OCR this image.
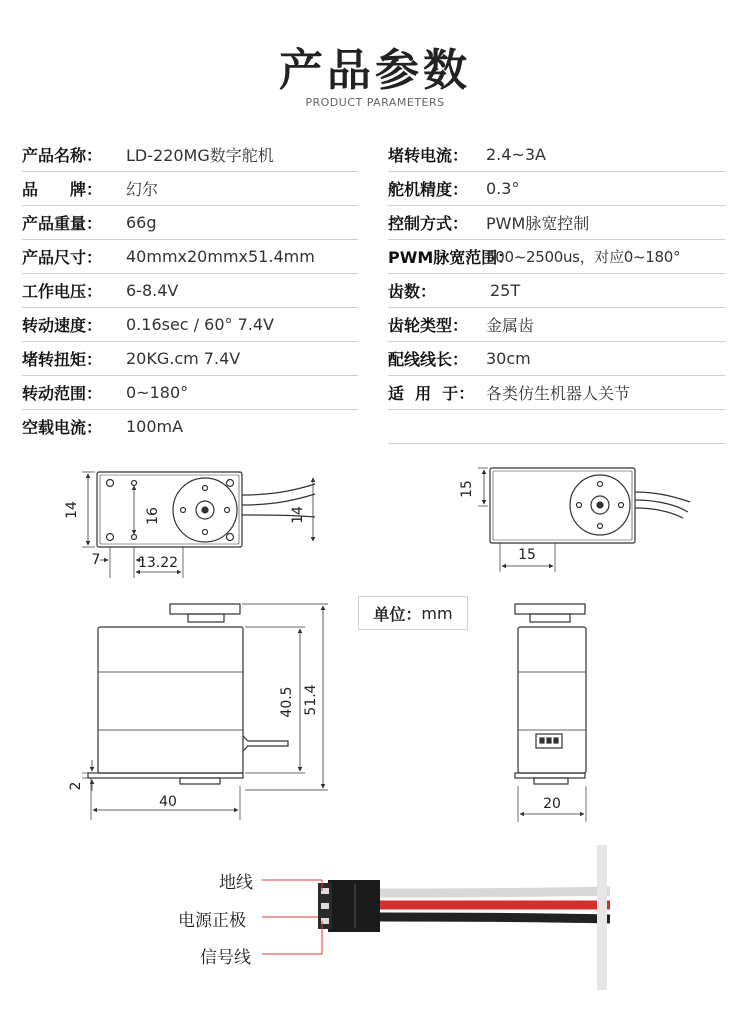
产品参数
PRODUCT PARAMETERS
产品名称：	LD-220MG数字舵机
品　　牌：	幻尔
产品重量：	66g
产品尺寸：	40mmx20mmx51.4mm
工作电压：	6-8.4V
转动速度：	0.16sec / 60° 7.4V
堵转扭矩：	20KG.cm 7.4V
转动范围：	0~180°
空载电流：	100mA
堵转电流：	2.4~3A
舵机精度：	0.3°
控制方式：	PWM脉宽控制
PWM脉宽范围：
500~2500us，对应0~180°
齿数：	25T
齿轮类型：	金属齿
配线线长：	30cm
适  用  于： 各类仿生机器人关节
14	16	14
7	13.22
15
15
40.5 51.4
2
40	20
单位： mm
地线
电源正极
信号线
